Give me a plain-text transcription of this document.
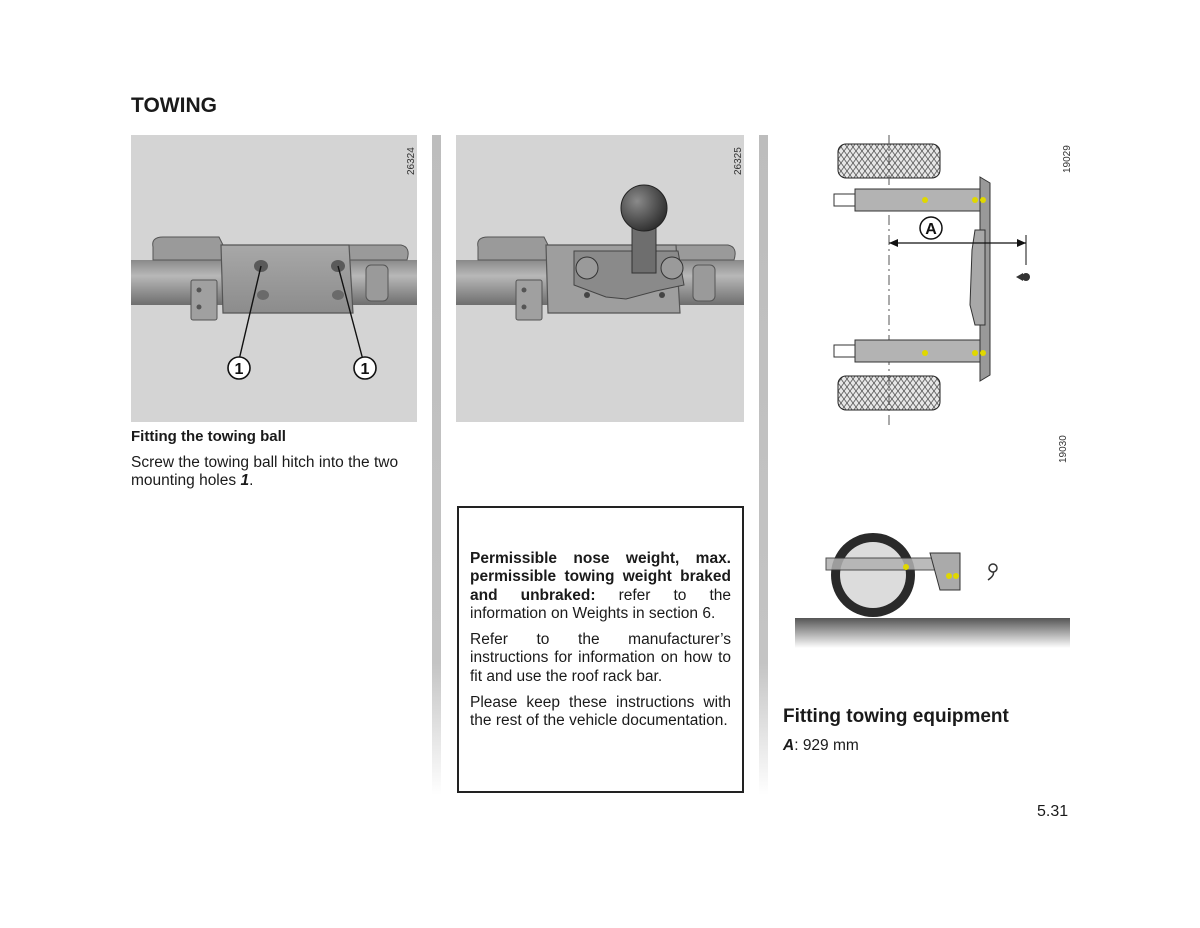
TOWING
1	1
26324	26325
Fitting the towing ball
Screw the towing ball hitch into the two mounting holes 1.

Permissible nose weight, max. permissible towing weight braked and unbraked: refer to the information on Weights in section 6.

Refer to the manufacturer’s instructions for information on how to fit and use the roof rack bar.

Please keep these instructions with the rest of the vehicle documentation.

A
19029
19030
Fitting towing equipment
A: 929 mm
5.31
